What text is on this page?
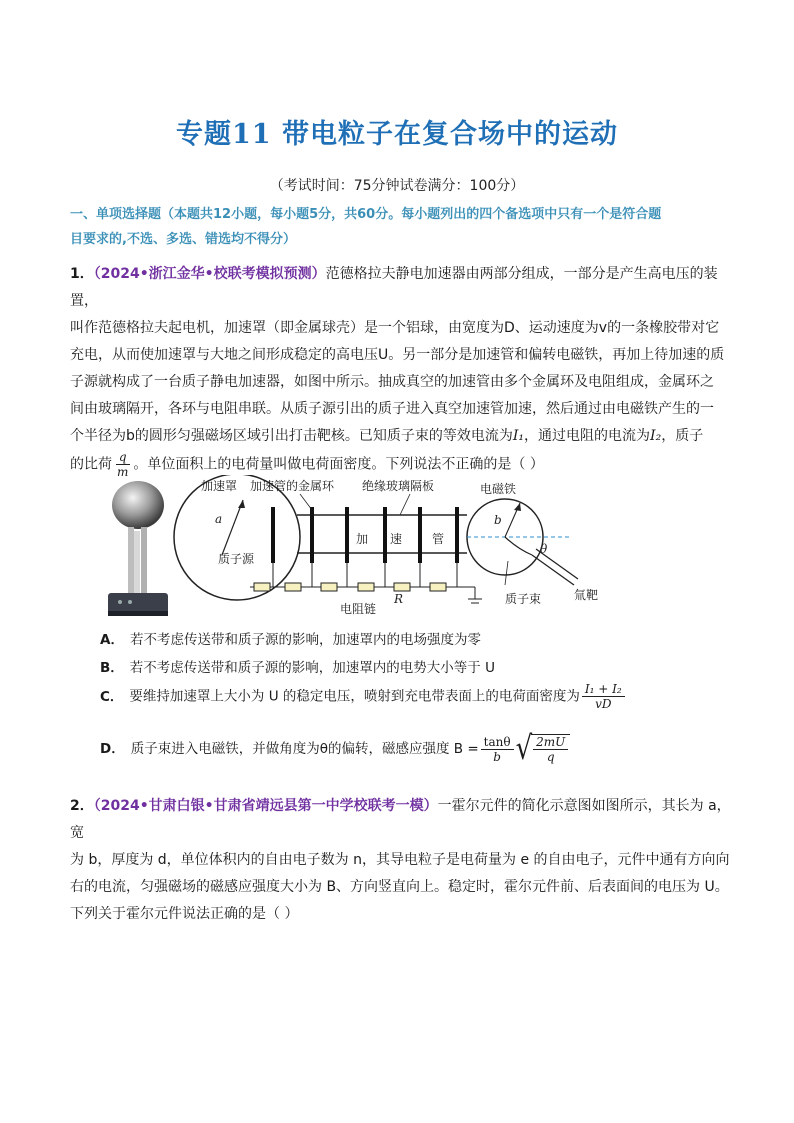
专题11 带电粒子在复合场中的运动
（考试时间：75分钟试卷满分：100分）
一、单项选择题（本题共12小题，每小题5分，共60分。每小题列出的四个备选项中只有一个是符合题
目要求的,不选、多选、错选均不得分）
1．（2024•浙江金华•校联考模拟预测）范德格拉夫静电加速器由两部分组成，一部分是产生高电压的装置，
叫作范德格拉夫起电机，加速罩（即金属球壳）是一个铝球，由宽度为D、运动速度为v的一条橡胶带对它
充电，从而使加速罩与大地之间形成稳定的高电压U。另一部分是加速管和偏转电磁铁，再加上待加速的质
子源就构成了一台质子静电加速器，如图中所示。抽成真空的加速管由多个金属环及电阻组成，金属环之
间由玻璃隔开，各环与电阻串联。从质子源引出的质子进入真空加速管加速，然后通过由电磁铁产生的一
个半径为b的圆形匀强磁场区域引出打击靶核。已知质子束的等效电流为I₁，通过电阻的电流为I₂，质子
的比荷 $\frac{q}{m}$ 。单位面积上的电荷量叫做电荷面密度。下列说法不正确的是（ ）
a
质子源
加速罩
加 速 管
加速管的金属环 绝缘玻璃隔板
R
电阻链
b
θ
质子束	氚靶
电磁铁
A． 若不考虑传送带和质子源的影响，加速罩内的电场强度为零
B． 若不考虑传送带和质子源的影响，加速罩内的电势大小等于 U
C． 要维持加速罩上大小为 U 的稳定电压，喷射到充电带表面上的电荷面密度为 $\frac{\text{I₁ + I₂}}{vD}$
D． 质子束进入电磁铁，并做角度为θ的偏转，磁感应强度 $B = \frac{\tan\theta}{b}$ √ $\frac{2mU}{q}$
2．（2024•甘肃白银•甘肃省靖远县第一中学校联考一模）一霍尔元件的简化示意图如图所示，其长为 a，宽
为 b，厚度为 d，单位体积内的自由电子数为 n，其导电粒子是电荷量为 e 的自由电子，元件中通有方向向
右的电流，匀强磁场的磁感应强度大小为 B、方向竖直向上。稳定时，霍尔元件前、后表面间的电压为 U。
下列关于霍尔元件说法正确的是（ ）
